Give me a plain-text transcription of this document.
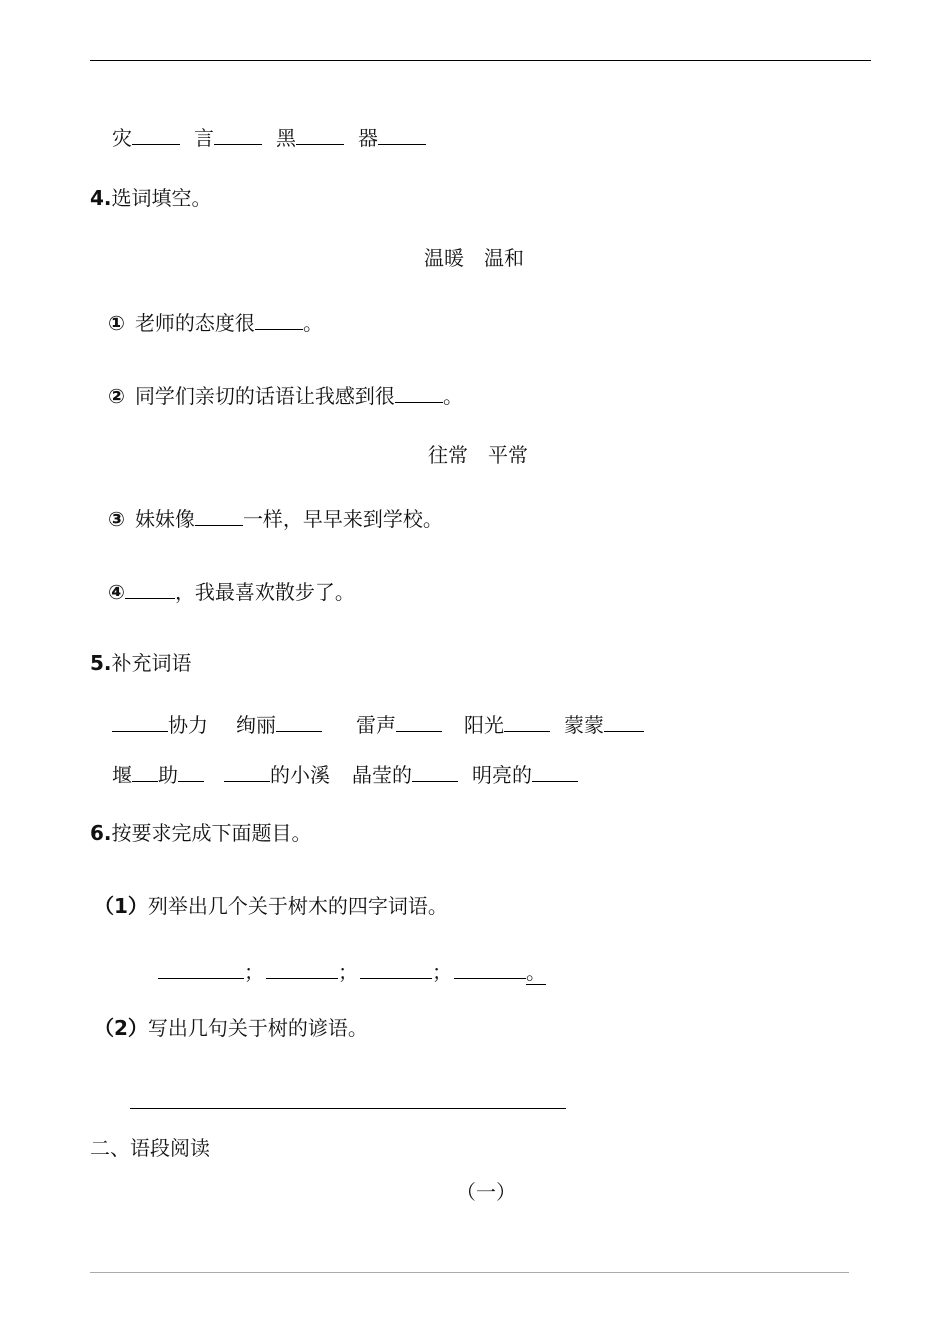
灾	言	黑	器
4.选词填空。
温暖　温和
① 老师的态度很 。
② 同学们亲切的话语让我感到很 。
往常　平常
③ 妹妹像 一样，早早来到学校。
④	，我最喜欢散步了。
5.补充词语
协力 绚丽	雷声	阳光	蒙蒙
堰 助	的小溪 晶莹的	明亮的
6.按要求完成下面题目。
（1）列举出几个关于树木的四字词语。
；	；	；	。
（2）写出几句关于树的谚语。
二、语段阅读
（一）
